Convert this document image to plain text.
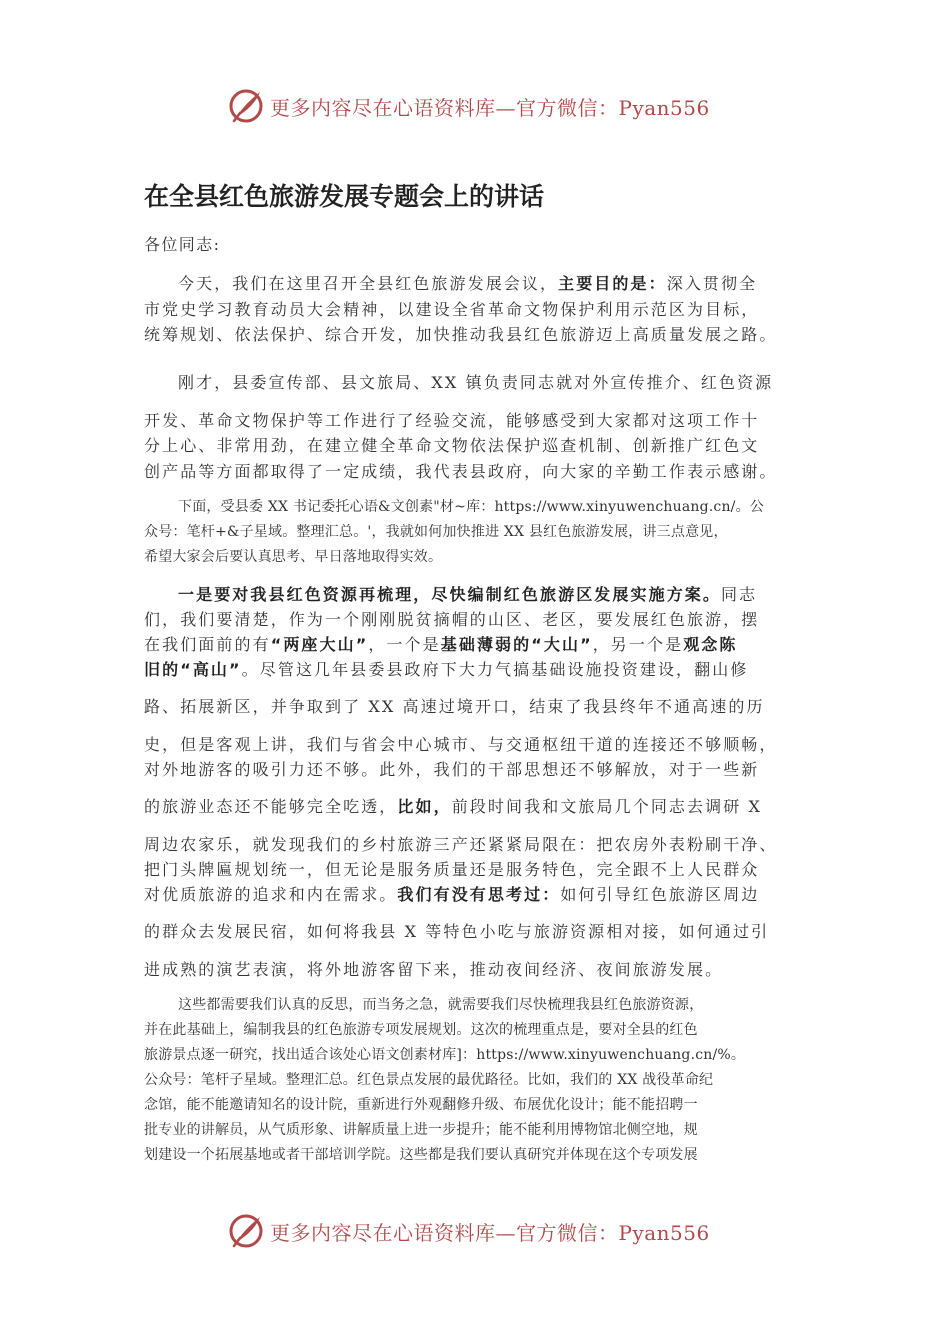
更多内容尽在心语资料库—官方微信：Pyan556
在全县红色旅游发展专题会上的讲话
各位同志:
今天，我们在这里召开全县红色旅游发展会议，主要目的是：深入贯彻全
市党史学习教育动员大会精神，以建设全省革命文物保护利用示范区为目标，
统筹规划、依法保护、综合开发，加快推动我县红色旅游迈上高质量发展之路。
刚才，县委宣传部、县文旅局、XX 镇负责同志就对外宣传推介、红色资源
开发、革命文物保护等工作进行了经验交流，能够感受到大家都对这项工作十
分上心、非常用劲，在建立健全革命文物依法保护巡查机制、创新推广红色文
创产品等方面都取得了一定成绩，我代表县政府，向大家的辛勤工作表示感谢。
下面，受县委 XX 书记委托心语&文创素"材~库：https://www.xinyuwenchuang.cn/。公
众号：笔杆+&子星域。整理汇总。'，我就如何加快推进 XX 县红色旅游发展，讲三点意见，
希望大家会后要认真思考、早日落地取得实效。
一是要对我县红色资源再梳理，尽快编制红色旅游区发展实施方案。同志
们，我们要清楚，作为一个刚刚脱贫摘帽的山区、老区，要发展红色旅游，摆
在我们面前的有“两座大山”，一个是基础薄弱的“大山”，另一个是观念陈
旧的“高山”。尽管这几年县委县政府下大力气搞基础设施投资建设，翻山修
路、拓展新区，并争取到了 XX 高速过境开口，结束了我县终年不通高速的历
史，但是客观上讲，我们与省会中心城市、与交通枢纽干道的连接还不够顺畅，
对外地游客的吸引力还不够。此外，我们的干部思想还不够解放，对于一些新
的旅游业态还不能够完全吃透，比如，前段时间我和文旅局几个同志去调研 X
周边农家乐，就发现我们的乡村旅游三产还紧紧局限在：把农房外表粉刷干净、
把门头牌匾规划统一，但无论是服务质量还是服务特色，完全跟不上人民群众
对优质旅游的追求和内在需求。我们有没有思考过：如何引导红色旅游区周边
的群众去发展民宿，如何将我县 X 等特色小吃与旅游资源相对接，如何通过引
进成熟的演艺表演，将外地游客留下来，推动夜间经济、夜间旅游发展。
这些都需要我们认真的反思，而当务之急，就需要我们尽快梳理我县红色旅游资源，
并在此基础上，编制我县的红色旅游专项发展规划。这次的梳理重点是，要对全县的红色
旅游景点逐一研究，找出适合该处心语文创素材库]：https://www.xinyuwenchuang.cn/%。
公众号：笔杆子星域。整理汇总。红色景点发展的最优路径。比如，我们的 XX 战役革命纪
念馆，能不能邀请知名的设计院，重新进行外观翻修升级、布展优化设计；能不能招聘一
批专业的讲解员，从气质形象、讲解质量上进一步提升；能不能利用博物馆北侧空地，规
划建设一个拓展基地或者干部培训学院。这些都是我们要认真研究并体现在这个专项发展
更多内容尽在心语资料库—官方微信：Pyan556
